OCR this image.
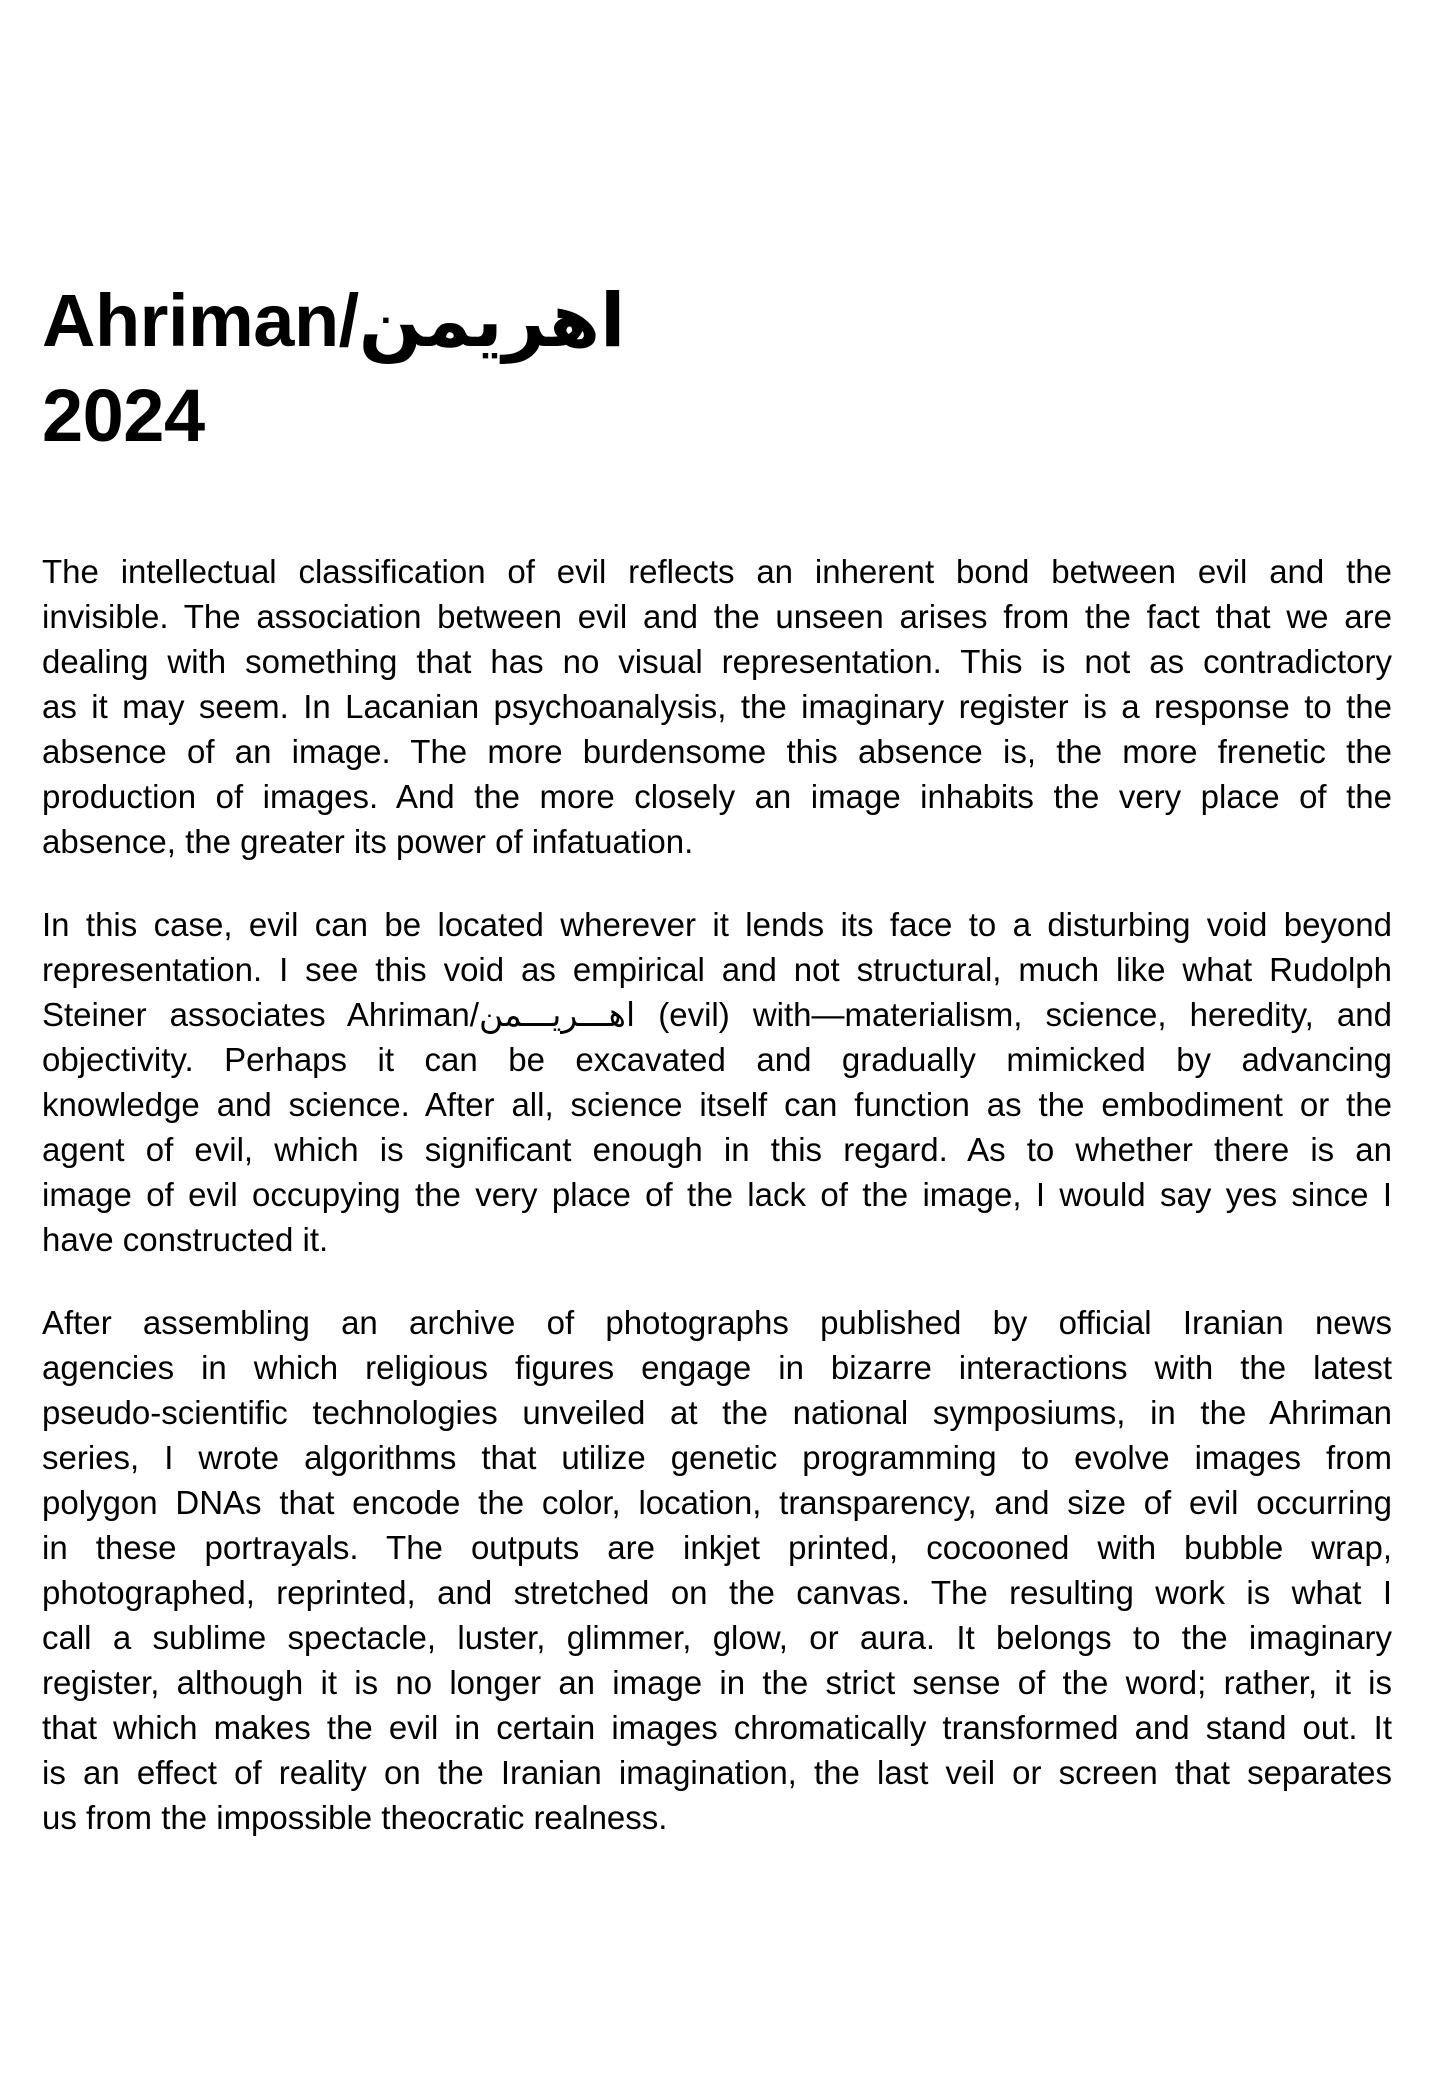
Ahriman/اهريمن
2024
The intellectual classification of evil reflects an inherent bond between evil and the
invisible. The association between evil and the unseen arises from the fact that we are
dealing with something that has no visual representation. This is not as contradictory
as it may seem. In Lacanian psychoanalysis, the imaginary register is a response to the
absence of an image. The more burdensome this absence is, the more frenetic the
production of images. And the more closely an image inhabits the very place of the
absence, the greater its power of infatuation.
In this case, evil can be located wherever it lends its face to a disturbing void beyond
representation. I see this void as empirical and not structural, much like what Rudolph
Steiner associates Ahriman/اهـــريـــمن (evil) with—materialism, science, heredity, and
objectivity. Perhaps it can be excavated and gradually mimicked by advancing
knowledge and science. After all, science itself can function as the embodiment or the
agent of evil, which is significant enough in this regard. As to whether there is an
image of evil occupying the very place of the lack of the image, I would say yes since I
have constructed it.
After assembling an archive of photographs published by official Iranian news
agencies in which religious figures engage in bizarre interactions with the latest
pseudo-scientific technologies unveiled at the national symposiums, in the Ahriman
series, I wrote algorithms that utilize genetic programming to evolve images from
polygon DNAs that encode the color, location, transparency, and size of evil occurring
in these portrayals. The outputs are inkjet printed, cocooned with bubble wrap,
photographed, reprinted, and stretched on the canvas. The resulting work is what I
call a sublime spectacle, luster, glimmer, glow, or aura. It belongs to the imaginary
register, although it is no longer an image in the strict sense of the word; rather, it is
that which makes the evil in certain images chromatically transformed and stand out. It
is an effect of reality on the Iranian imagination, the last veil or screen that separates
us from the impossible theocratic realness.
